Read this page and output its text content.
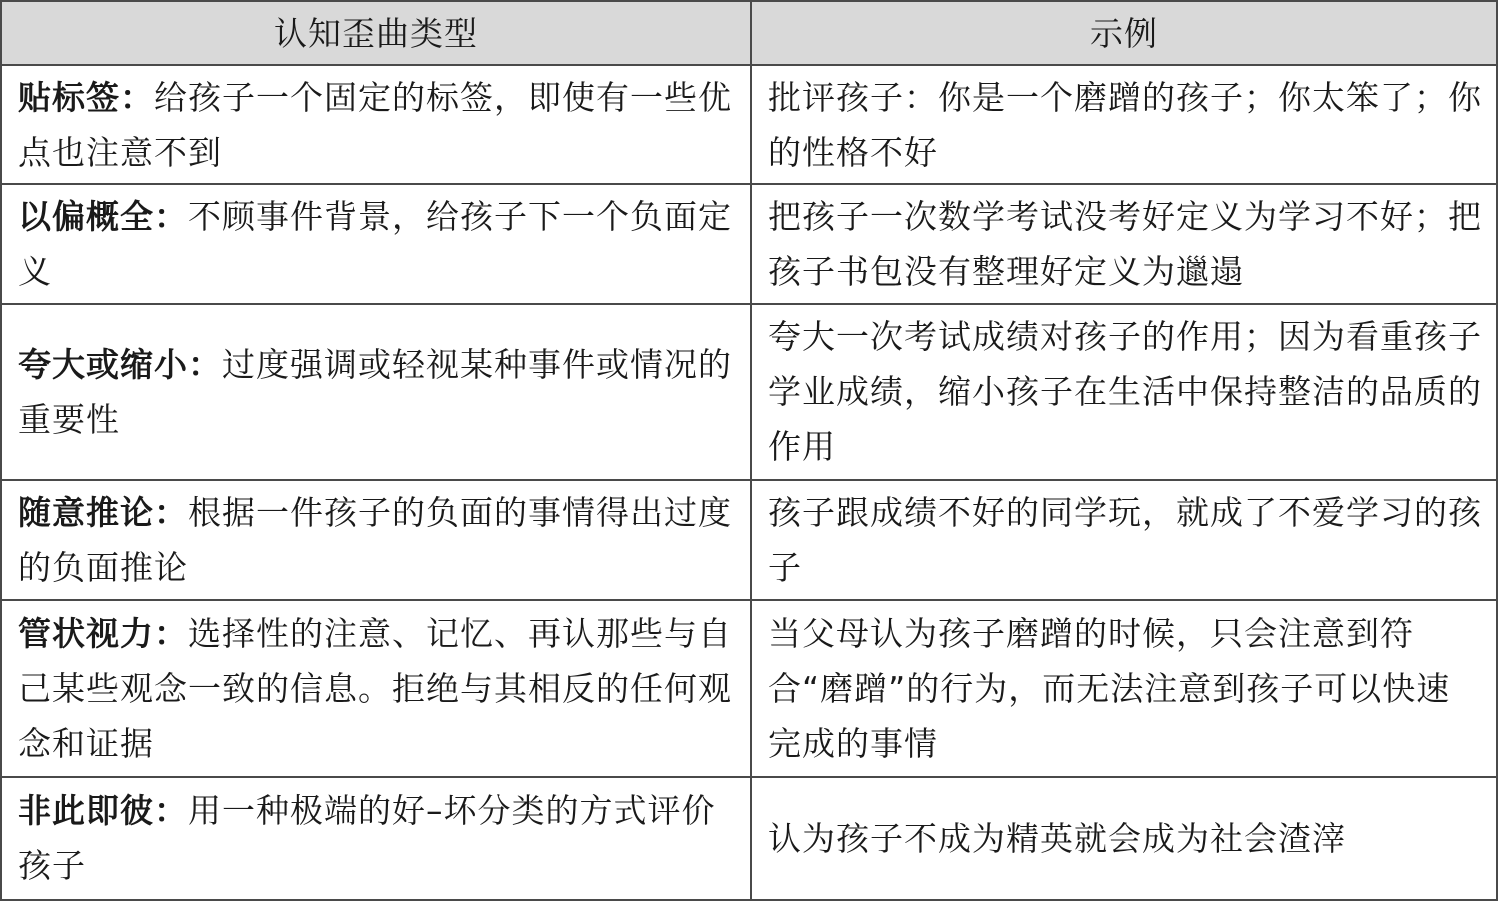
认知歪曲类型	示例
贴标签：给孩子一个固定的标签，即使有一些优点也注意不到	批评孩子：你是一个磨蹭的孩子；你太笨了；你的性格不好
以偏概全：不顾事件背景，给孩子下一个负面定义	把孩子一次数学考试没考好定义为学习不好；把孩子书包没有整理好定义为邋遢
夸大或缩小：过度强调或轻视某种事件或情况的重要性	夸大一次考试成绩对孩子的作用；因为看重孩子学业成绩，缩小孩子在生活中保持整洁的品质的作用
随意推论：根据一件孩子的负面的事情得出过度的负面推论	孩子跟成绩不好的同学玩，就成了不爱学习的孩子
管状视力：选择性的注意、记忆、再认那些与自己某些观念一致的信息。拒绝与其相反的任何观念和证据	当父母认为孩子磨蹭的时候，只会注意到符合“磨蹭”的行为，而无法注意到孩子可以快速完成的事情
非此即彼：用一种极端的好–坏分类的方式评价孩子	认为孩子不成为精英就会成为社会渣滓
